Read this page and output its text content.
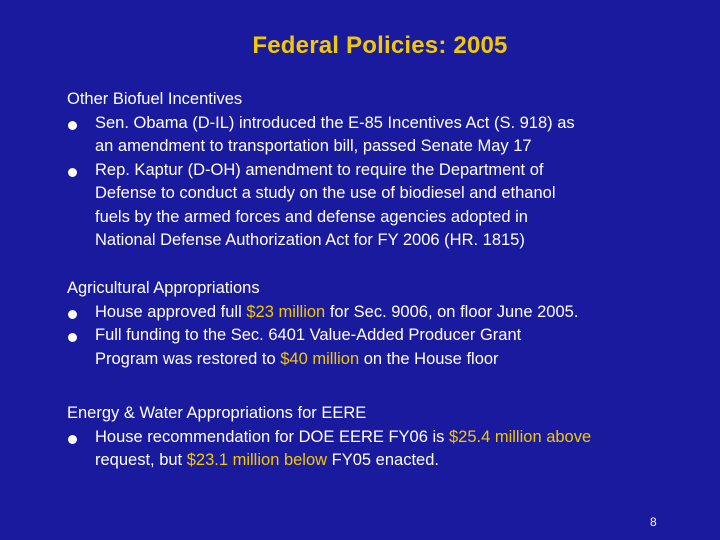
Federal Policies: 2005
Other Biofuel Incentives
Sen. Obama (D-IL) introduced the E-85 Incentives Act (S. 918) as
an amendment to transportation bill, passed Senate May 17
Rep. Kaptur (D-OH) amendment to require the Department of
Defense to conduct a study on the use of biodiesel and ethanol
fuels by the armed forces and defense agencies adopted in
National Defense Authorization Act for FY 2006 (HR. 1815)
Agricultural Appropriations
House approved full $23 million for Sec. 9006, on floor June 2005.
Full funding to the Sec. 6401 Value-Added Producer Grant
Program was restored to $40 million on the House floor
Energy & Water Appropriations for EERE
House recommendation for DOE EERE FY06 is $25.4 million above
request, but $23.1 million below FY05 enacted.
8
